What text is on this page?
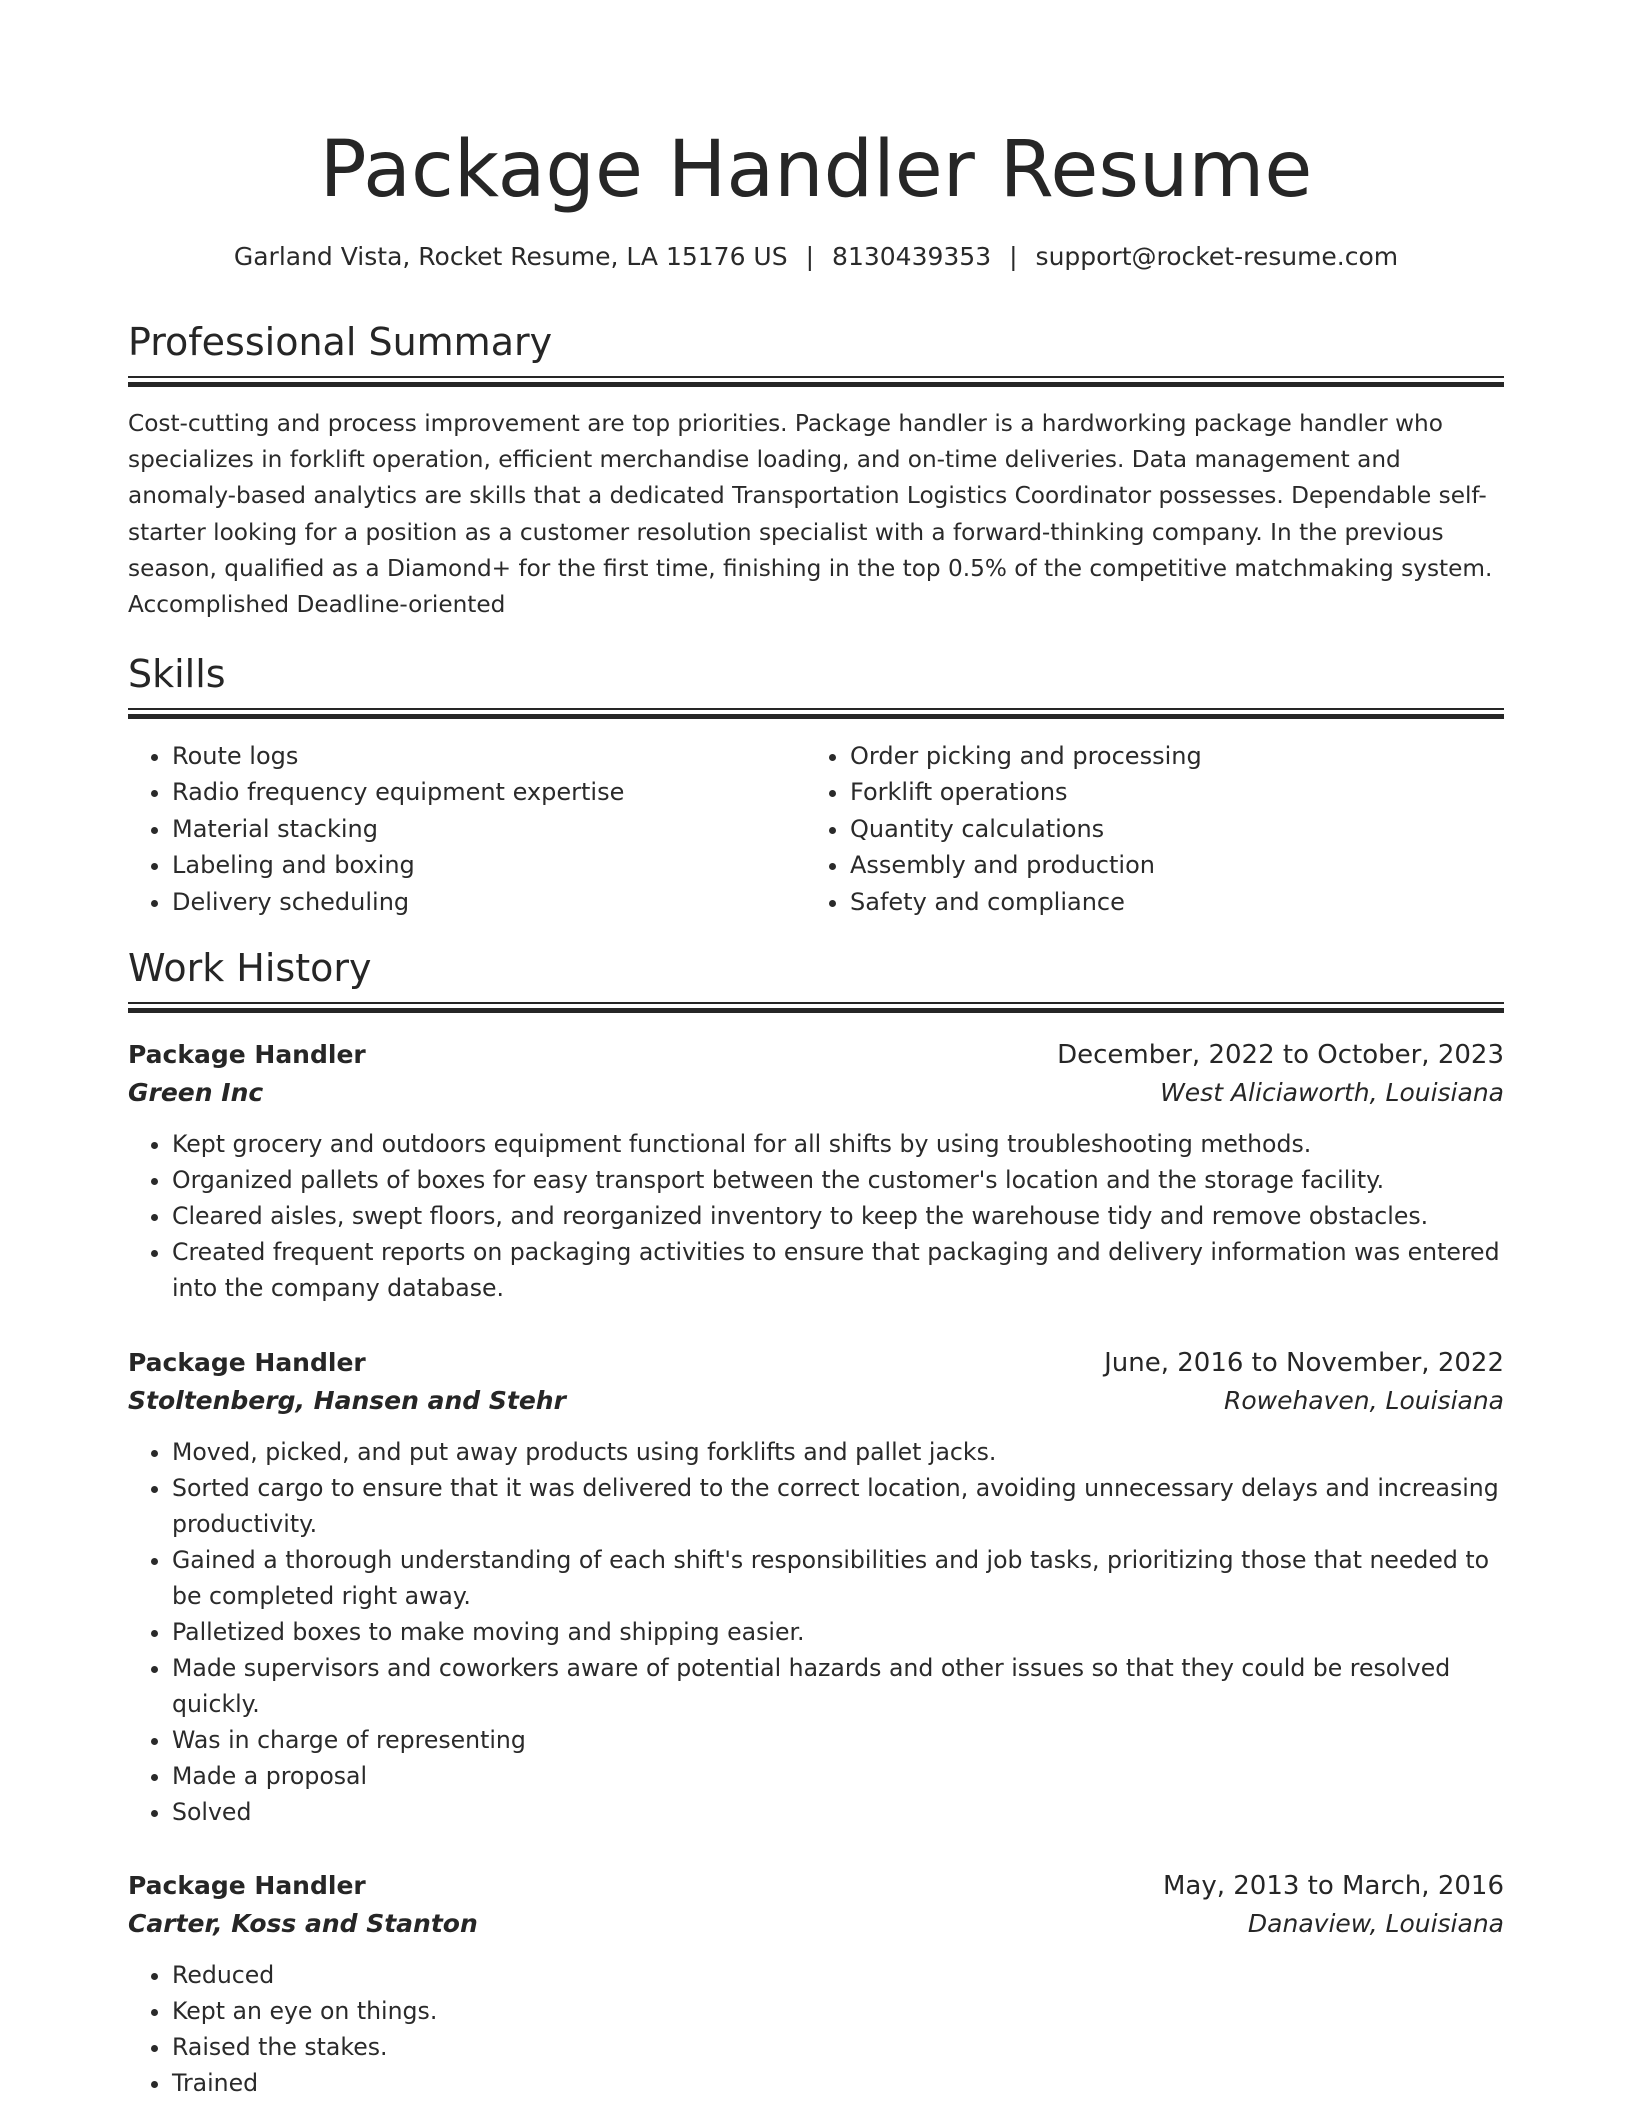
Package Handler Resume
Garland Vista, Rocket Resume, LA 15176 US | 8130439353 | support@rocket-resume.com
Professional Summary

Cost-cutting and process improvement are top priorities. Package handler is a hardworking package handler who specializes in forklift operation, efficient merchandise loading, and on-time deliveries. Data management and anomaly-based analytics are skills that a dedicated Transportation Logistics Coordinator possesses. Dependable self-starter looking for a position as a customer resolution specialist with a forward-thinking company. In the previous season, qualified as a Diamond+ for the first time, finishing in the top 0.5% of the competitive matchmaking system. Accomplished Deadline-oriented

Skills
• Route logs
• Radio frequency equipment expertise
• Material stacking
• Labeling and boxing
• Delivery scheduling
• Order picking and processing
• Forklift operations
• Quantity calculations
• Assembly and production
• Safety and compliance
Work History
Package Handler	December, 2022 to October, 2023
Green Inc	West Aliciaworth, Louisiana
• Kept grocery and outdoors equipment functional for all shifts by using troubleshooting methods.
• Organized pallets of boxes for easy transport between the customer's location and the storage facility.
• Cleared aisles, swept floors, and reorganized inventory to keep the warehouse tidy and remove obstacles.
• Created frequent reports on packaging activities to ensure that packaging and delivery information was entered into the company database.
Package Handler	June, 2016 to November, 2022
Stoltenberg, Hansen and Stehr	Rowehaven, Louisiana
• Moved, picked, and put away products using forklifts and pallet jacks.
• Sorted cargo to ensure that it was delivered to the correct location, avoiding unnecessary delays and increasing productivity.
• Gained a thorough understanding of each shift's responsibilities and job tasks, prioritizing those that needed to be completed right away.
• Palletized boxes to make moving and shipping easier.
• Made supervisors and coworkers aware of potential hazards and other issues so that they could be resolved quickly.
• Was in charge of representing
• Made a proposal
• Solved
Package Handler	May, 2013 to March, 2016
Carter, Koss and Stanton	Danaview, Louisiana
• Reduced
• Kept an eye on things.
• Raised the stakes.
• Trained
